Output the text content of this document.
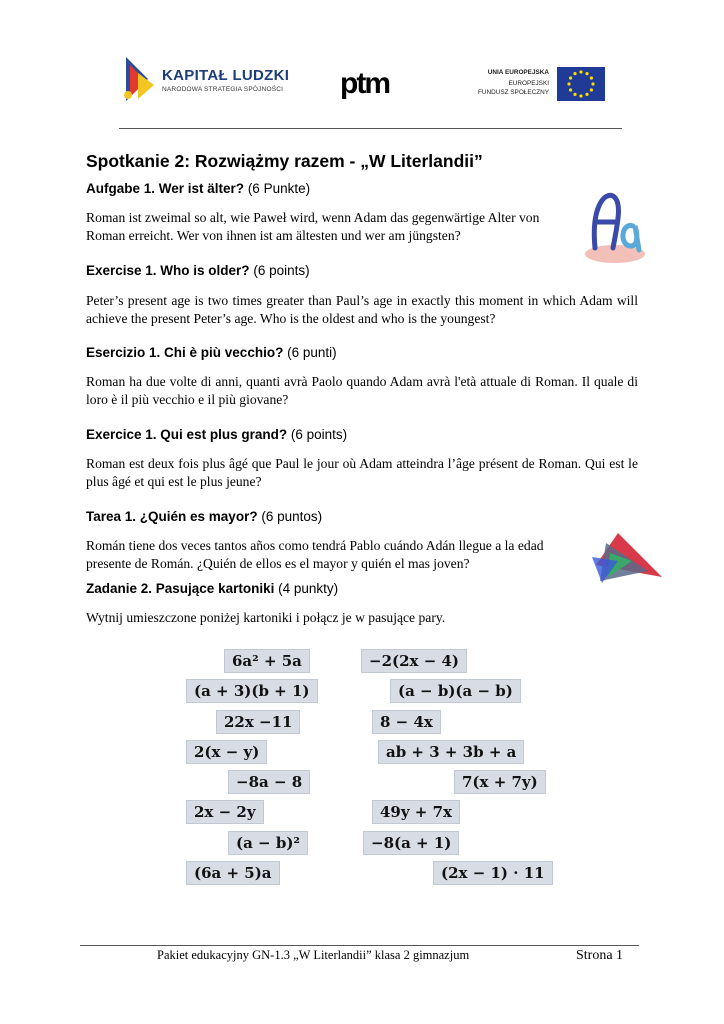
KAPITAŁ LUDZKI
NARODOWA STRATEGIA SPÓJNOŚCI ptm	UNIA EUROPEJSKA
EUROPEJSKI
FUNDUSZ SPOŁECZNY
Spotkanie 2: Rozwiążmy razem - „W Literlandii”
Aufgabe 1. Wer ist älter? (6 Punkte)
Roman ist zweimal so alt, wie Paweł wird, wenn Adam das gegenwärtige Alter von Roman erreicht. Wer von ihnen ist am ältesten und wer am jüngsten?
Exercise 1. Who is older? (6 points)
Peter’s present age is two times greater than Paul’s age in exactly this moment in which Adam will achieve the present Peter’s age. Who is the oldest and who is the youngest?
Esercizio 1. Chi è più vecchio? (6 punti)
Roman ha due volte di anni, quanti avrà Paolo quando Adam avrà l'età attuale di Roman. Il quale di loro è il più vecchio e il più giovane?
Exercice 1. Qui est plus grand? (6 points)
Roman est deux fois plus âgé que Paul le jour où Adam atteindra l’âge présent de Roman. Qui est le plus âgé et qui est le plus jeune?
Tarea 1. ¿Quién es mayor? (6 puntos)
Román tiene dos veces tantos años como tendrá Pablo cuándo Adán llegue a la edad presente de Román. ¿Quién de ellos es el mayor y quién el mas joven?
Zadanie 2. Pasujące kartoniki (4 punkty)
Wytnij umieszczone poniżej kartoniki i połącz je w pasujące pary.
6a² + 5a
(a + 3)(b + 1)
22x −11
2(x − y)
−8a − 8
2x − 2y
(a − b)²
(6a + 5)a
−2(2x − 4)
(a − b)(a − b)
8 − 4x
ab + 3 + 3b + a
7(x + 7y)
49y + 7x
−8(a + 1)
(2x − 1) · 11
Pakiet edukacyjny GN-1.3 „W Literlandii” klasa 2 gimnazjum	Strona 1
